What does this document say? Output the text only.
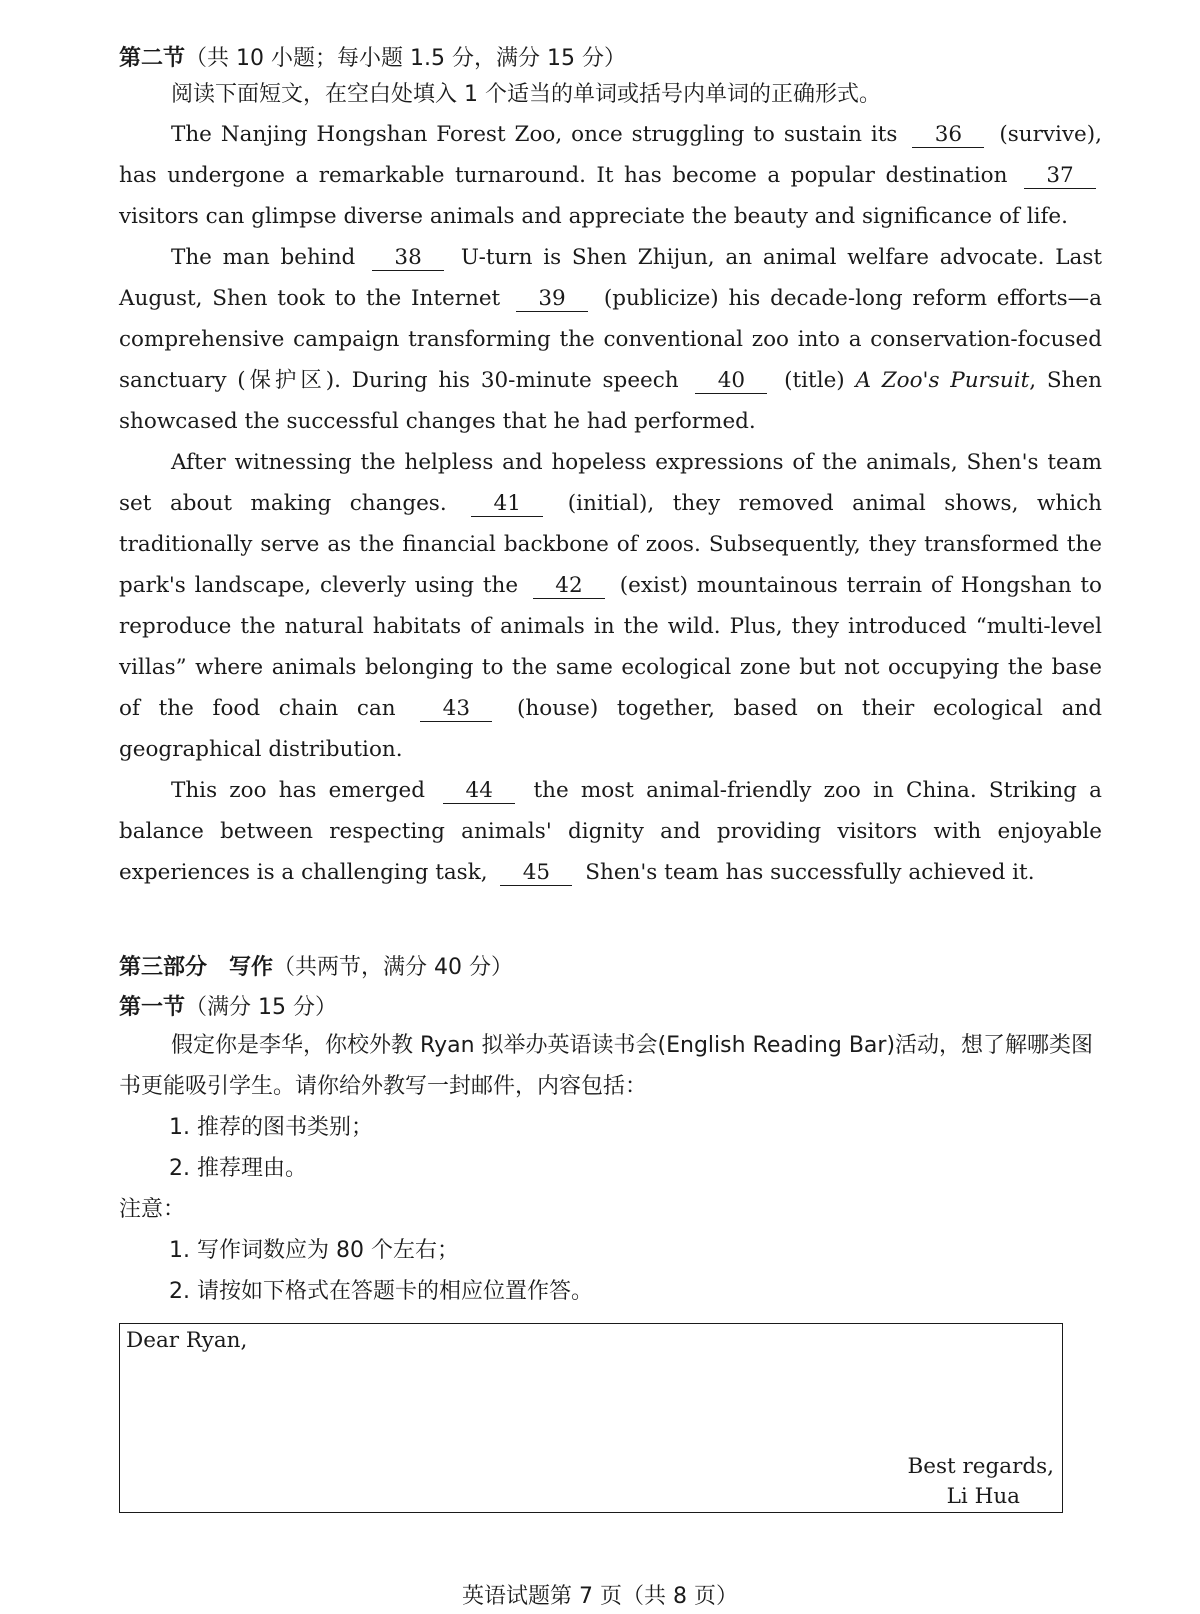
第二节（共 10 小题；每小题 1.5 分，满分 15 分）
阅读下面短文，在空白处填入 1 个适当的单词或括号内单词的正确形式。

The Nanjing Hongshan Forest Zoo, once struggling to sustain its 36 (survive), has undergone a remarkable turnaround. It has become a popular destination 37 visitors can glimpse diverse animals and appreciate the beauty and significance of life.

The man behind 38 U-turn is Shen Zhijun, an animal welfare advocate. Last August, Shen took to the Internet 39 (publicize) his decade-long reform efforts—a comprehensive campaign transforming the conventional zoo into a conservation-focused sanctuary (保护区). During his 30-minute speech 40 (title) A Zoo's Pursuit, Shen showcased the successful changes that he had performed.

After witnessing the helpless and hopeless expressions of the animals, Shen's team set about making changes. 41 (initial), they removed animal shows, which traditionally serve as the financial backbone of zoos. Subsequently, they transformed the park's landscape, cleverly using the 42 (exist) mountainous terrain of Hongshan to reproduce the natural habitats of animals in the wild. Plus, they introduced “multi-level villas” where animals belonging to the same ecological zone but not occupying the base of the food chain can 43 (house) together, based on their ecological and geographical distribution.

This zoo has emerged 44 the most animal-friendly zoo in China. Striking a balance between respecting animals' dignity and providing visitors with enjoyable experiences is a challenging task, 45 Shen's team has successfully achieved it.

第三部分　写作（共两节，满分 40 分）
第一节（满分 15 分）
假定你是李华，你校外教 Ryan 拟举办英语读书会(English Reading Bar)活动，想了解哪类图书更能吸引学生。请你给外教写一封邮件，内容包括：
1. 推荐的图书类别；
2. 推荐理由。
注意：
1. 写作词数应为 80 个左右；
2. 请按如下格式在答题卡的相应位置作答。
Dear Ryan,
Best regards,
Li Hua
英语试题第 7 页（共 8 页）
